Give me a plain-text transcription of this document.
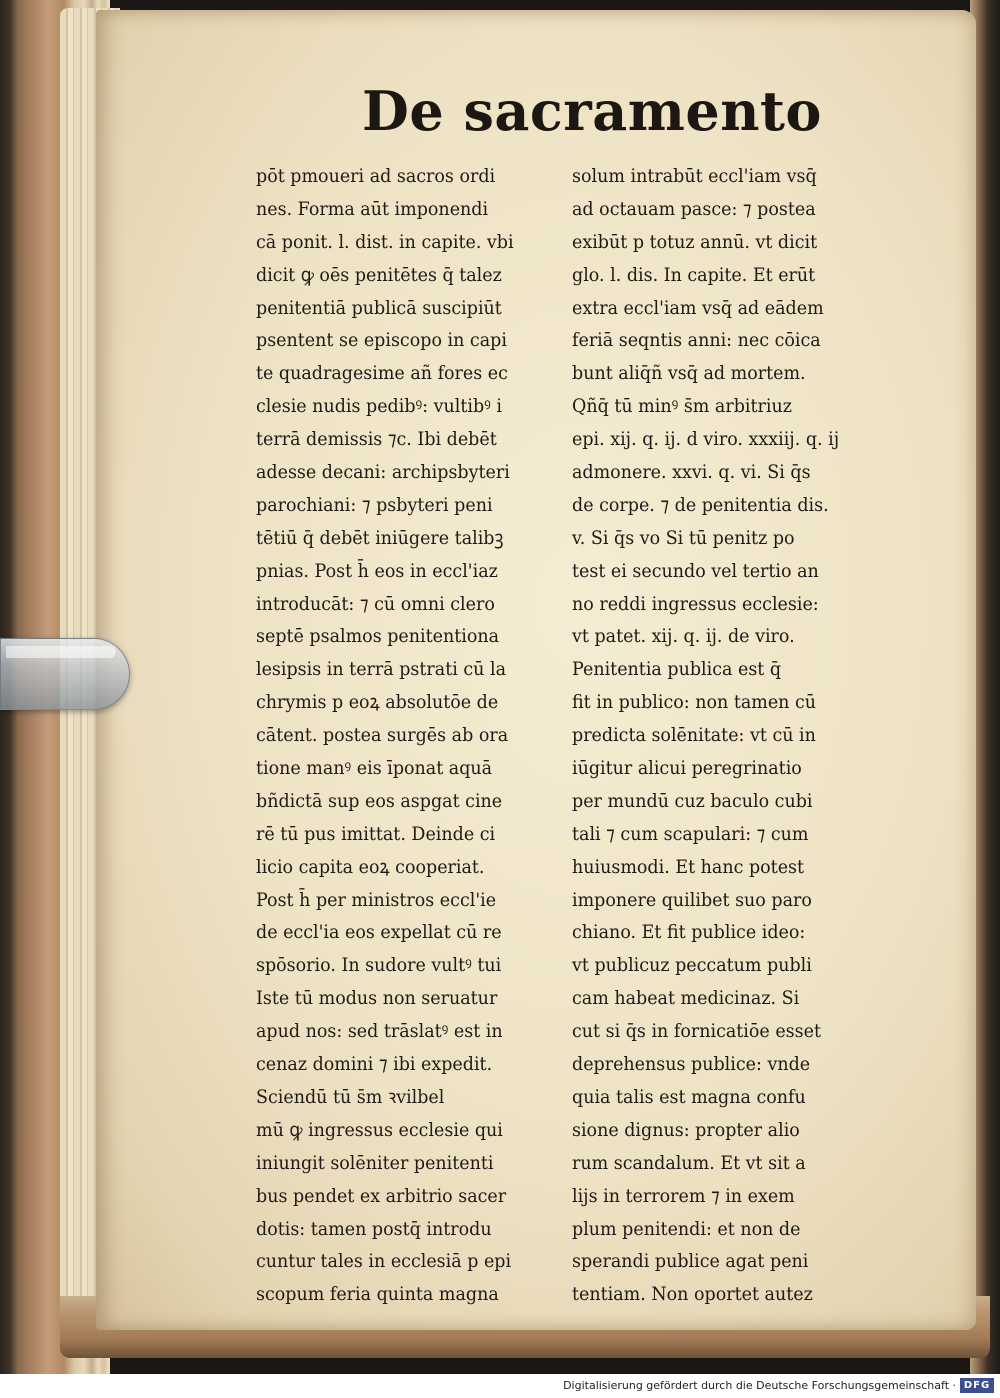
De sacramento
pōt pmoueri ad sacros ordi
nes. Forma aūt imponendi
cā ponit. l. dist. in capite. vbi
dicit ꝙ oēs penitētes q̄ talez
penitentiā publicā suscipiūt
psentent se episcopo in capi
te quadragesime añ fores ec
clesie nudis pedibꝰ: vultibꝰ i
terrā demissis ⁊c. Ibi debēt
adesse decani: archipsbyteri
parochiani: ⁊ psbyteri peni
tētiū q̄ debēt iniūgere talibꝫ
pnias. Post h̄ eos in eccl'iaz
introducāt: ⁊ cū omni clero
septē psalmos penitentiona
lesipsis in terrā pstrati cū la
chrymis p eoꝝ absolutōe de
cātent. postea surgēs ab ora
tione manꝰ eis īponat aquā
bñdictā sup eos aspgat cine
rē tū pus imittat. Deinde ci
licio capita eoꝝ cooperiat.
Post h̄ per ministros eccl'ie
de eccl'ia eos expellat cū re
spōsorio. In sudore vultꝰ tui
Iste tū modus non seruatur
apud nos: sed trāslatꝰ est in
cenaz domini ⁊ ibi expedit.
Sciendū tū s̄m ꝛvilbel
mū ꝙ ingressus ecclesie qui
iniungit solēniter penitenti
bus pendet ex arbitrio sacer
dotis: tamen postq̄ introdu
cuntur tales in ecclesiā p epi
scopum feria quinta magna
solum intrabūt eccl'iam vsq̄
ad octauam pasce: ⁊ postea
exibūt p totuz annū. vt dicit
glo. l. dis. In capite. Et erūt
extra eccl'iam vsq̄ ad eādem
feriā seqntis anni: nec cōica
bunt aliq̄ñ vsq̄ ad mortem.
Qñq̄ tū minꝰ s̄m arbitriuz
epi. xij. q. ij. d viro. xxxiij. q. ij
admonere. xxvi. q. vi. Si q̄s
de corpe. ⁊ de penitentia dis.
v. Si q̄s vo Si tū penitz po
test ei secundo vel tertio an
no reddi ingressus ecclesie:
vt patet. xij. q. ij. de viro.
Penitentia publica est q̄
fit in publico: non tamen cū
predicta solēnitate: vt cū in
iūgitur alicui peregrinatio
per mundū cuz baculo cubi
tali ⁊ cum scapulari: ⁊ cum
huiusmodi. Et hanc potest
imponere quilibet suo paro
chiano. Et fit publice ideo:
vt publicuz peccatum publi
cam habeat medicinaz. Si
cut si q̄s in fornicatiōe esset
deprehensus publice: vnde
quia talis est magna confu
sione dignus: propter alio
rum scandalum. Et vt sit a
lijs in terrorem ⁊ in exem
plum penitendi: et non de
sperandi publice agat peni
tentiam. Non oportet autez
Digitalisierung gefördert durch die Deutsche Forschungsgemeinschaft · DFG
